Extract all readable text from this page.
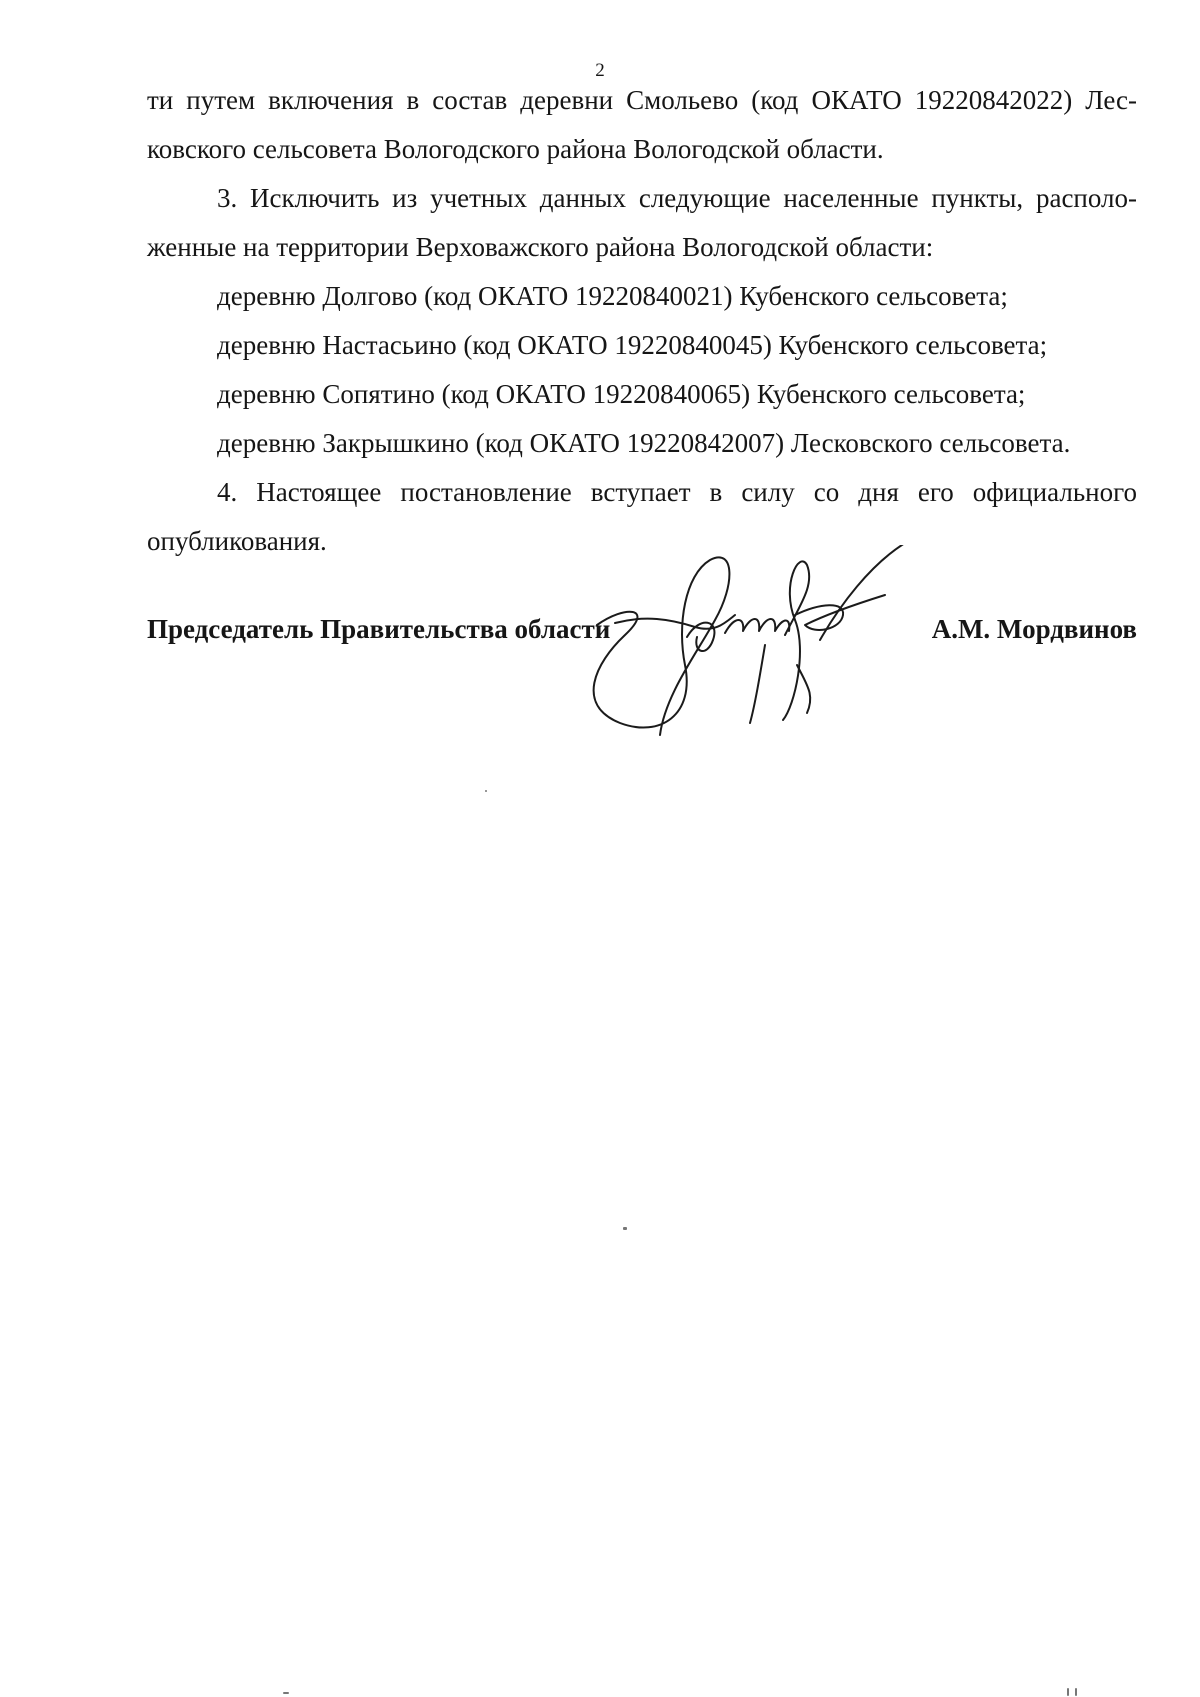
2
ти путем включения в состав деревни Смольево (код ОКАТО 19220842022) Лес-
ковского сельсовета Вологодского района Вологодской области.
3. Исключить из учетных данных следующие населенные пункты, располо-
женные на территории Верховажского района Вологодской области:
деревню Долгово (код ОКАТО 19220840021) Кубенского сельсовета;
деревню Настасьино (код ОКАТО 19220840045) Кубенского сельсовета;
деревню Сопятино (код ОКАТО 19220840065) Кубенского сельсовета;
деревню Закрышкино (код ОКАТО 19220842007) Лесковского сельсовета.
4. Настоящее постановление вступает в силу со дня его официального
опубликования.
Председатель Правительства области	А.М. Мордвинов
